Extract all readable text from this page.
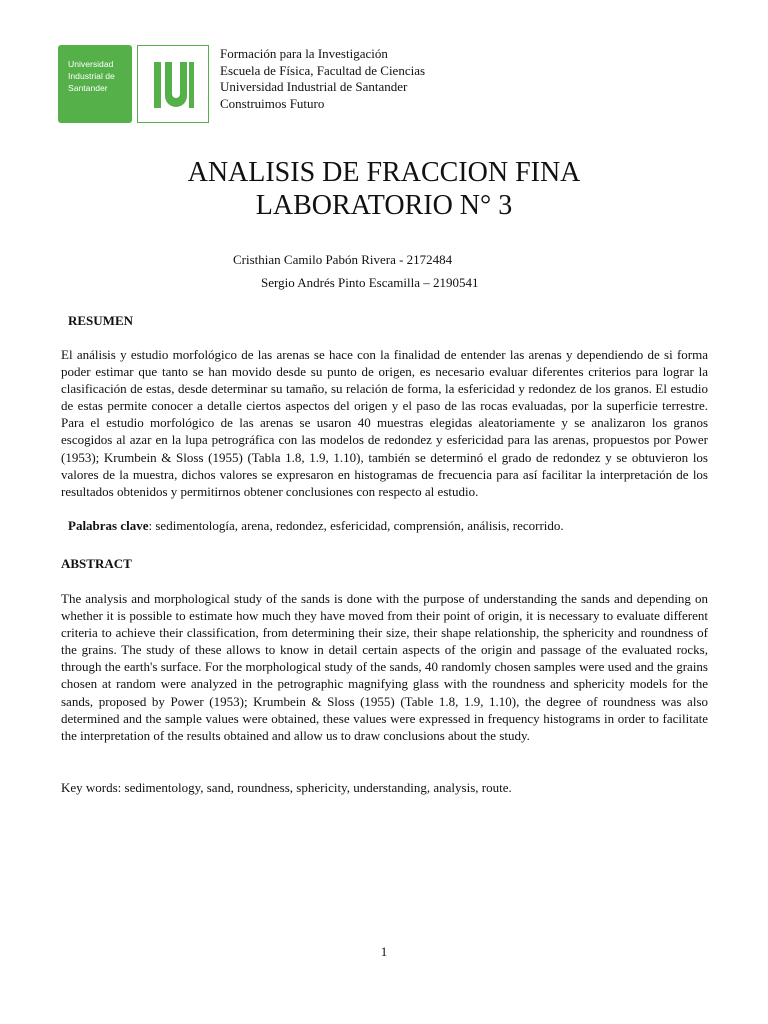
Universidad
Industrial de
Santander
Formación para la Investigación
Escuela de Física, Facultad de Ciencias
Universidad Industrial de Santander
Construimos Futuro
ANALISIS DE FRACCION FINA
LABORATORIO N° 3
Cristhian Camilo Pabón Rivera - 2172484
Sergio Andrés Pinto Escamilla – 2190541
RESUMEN
El análisis y estudio morfológico de las arenas se hace con la finalidad de entender las arenas y dependiendo de si forma poder estimar que tanto se han movido desde su punto de origen, es necesario evaluar diferentes criterios para lograr la clasificación de estas, desde determinar su tamaño, su relación de forma, la esfericidad y redondez de los granos. El estudio de estas permite conocer a detalle ciertos aspectos del origen y el paso de las rocas evaluadas, por la superficie terrestre. Para el estudio morfológico de las arenas se usaron 40 muestras elegidas aleatoriamente y se analizaron los granos escogidos al azar en la lupa petrográfica con las modelos de redondez y esfericidad para las arenas, propuestos por Power (1953); Krumbein & Sloss (1955) (Tabla 1.8, 1.9, 1.10), también se determinó el grado de redondez y se obtuvieron los valores de la muestra, dichos valores se expresaron en histogramas de frecuencia para así facilitar la interpretación de los resultados obtenidos y permitirnos obtener conclusiones con respecto al estudio.
Palabras clave: sedimentología, arena, redondez, esfericidad, comprensión, análisis, recorrido.
ABSTRACT
The analysis and morphological study of the sands is done with the purpose of understanding the sands and depending on whether it is possible to estimate how much they have moved from their point of origin, it is necessary to evaluate different criteria to achieve their classification, from determining their size, their shape relationship, the sphericity and roundness of the grains. The study of these allows to know in detail certain aspects of the origin and passage of the evaluated rocks, through the earth's surface. For the morphological study of the sands, 40 randomly chosen samples were used and the grains chosen at random were analyzed in the petrographic magnifying glass with the roundness and sphericity models for the sands, proposed by Power (1953); Krumbein & Sloss (1955) (Table 1.8, 1.9, 1.10), the degree of roundness was also determined and the sample values were obtained, these values were expressed in frequency histograms in order to facilitate the interpretation of the results obtained and allow us to draw conclusions about the study.
Key words: sedimentology, sand, roundness, sphericity, understanding, analysis, route.
1
